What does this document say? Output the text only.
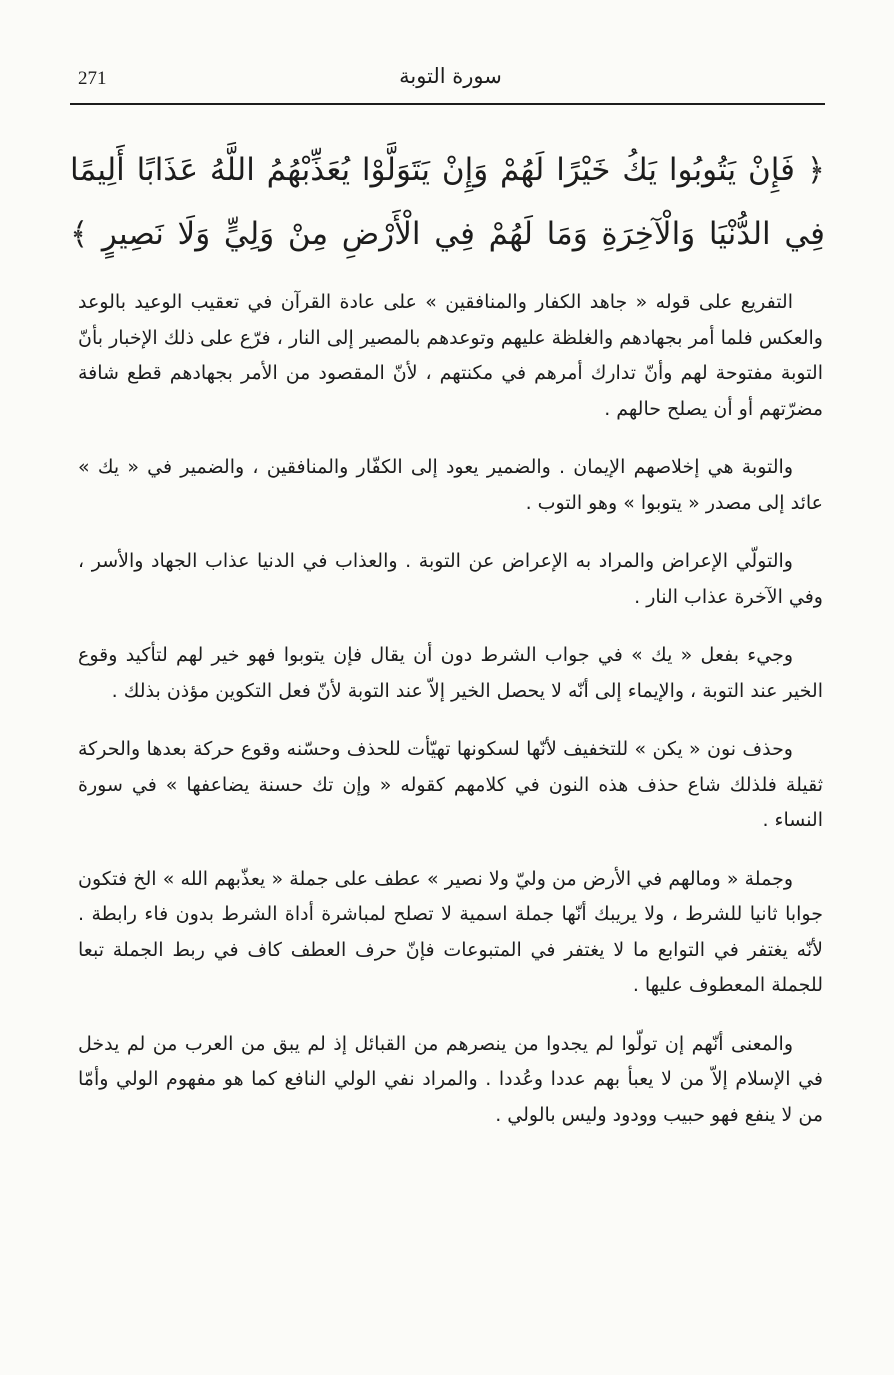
271	سورة التوبة
﴿ فَإِنْ يَتُوبُوا يَكُ خَيْرًا لَهُمْ وَإِنْ يَتَوَلَّوْا يُعَذِّبْهُمُ اللَّهُ عَذَابًا أَلِيمًا
فِي الدُّنْيَا وَالْآخِرَةِ وَمَا لَهُمْ فِي الْأَرْضِ مِنْ وَلِيٍّ وَلَا نَصِيرٍ ﴾

التفريع على قوله « جاهد الكفار والمنافقين » على عادة القرآن في تعقيب الوعيد بالوعد والعكس فلما أمر بجهادهم والغلظة عليهم وتوعدهم بالمصير إلى النار ، فرّع على ذلك الإخبار بأنّ التوبة مفتوحة لهم وأنّ تدارك أمرهم في مكنتهم ، لأنّ المقصود من الأمر بجهادهم قطع شافة مضرّتهم أو أن يصلح حالهم .

والتوبة هي إخلاصهم الإيمان . والضمير يعود إلى الكفّار والمنافقين ، والضمير في « يك » عائد إلى مصدر « يتوبوا » وهو التوب .

والتولّي الإعراض والمراد به الإعراض عن التوبة . والعذاب في الدنيا عذاب الجهاد والأسر ، وفي الآخرة عذاب النار .

وجيء بفعل « يك » في جواب الشرط دون أن يقال فإن يتوبوا فهو خير لهم لتأكيد وقوع الخير عند التوبة ، والإيماء إلى أنّه لا يحصل الخير إلاّ عند التوبة لأنّ فعل التكوين مؤذن بذلك .

وحذف نون « يكن » للتخفيف لأنّها لسكونها تهيّأت للحذف وحسّنه وقوع حركة بعدها والحركة ثقيلة فلذلك شاع حذف هذه النون في كلامهم كقوله « وإن تك حسنة يضاعفها » في سورة النساء .

وجملة « ومالهم في الأرض من وليّ ولا نصير » عطف على جملة « يعذّبهم الله » الخ فتكون جوابا ثانيا للشرط ، ولا يريبك أنّها جملة اسمية لا تصلح لمباشرة أداة الشرط بدون فاء رابطة . لأنّه يغتفر في التوابع ما لا يغتفر في المتبوعات فإنّ حرف العطف كاف في ربط الجملة تبعا للجملة المعطوف عليها .

والمعنى أنّهم إن تولّوا لم يجدوا من ينصرهم من القبائل إذ لم يبق من العرب من لم يدخل في الإسلام إلاّ من لا يعبأ بهم عددا وعُددا . والمراد نفي الولي النافع كما هو مفهوم الولي وأمّا من لا ينفع فهو حبيب وودود وليس بالولي .
